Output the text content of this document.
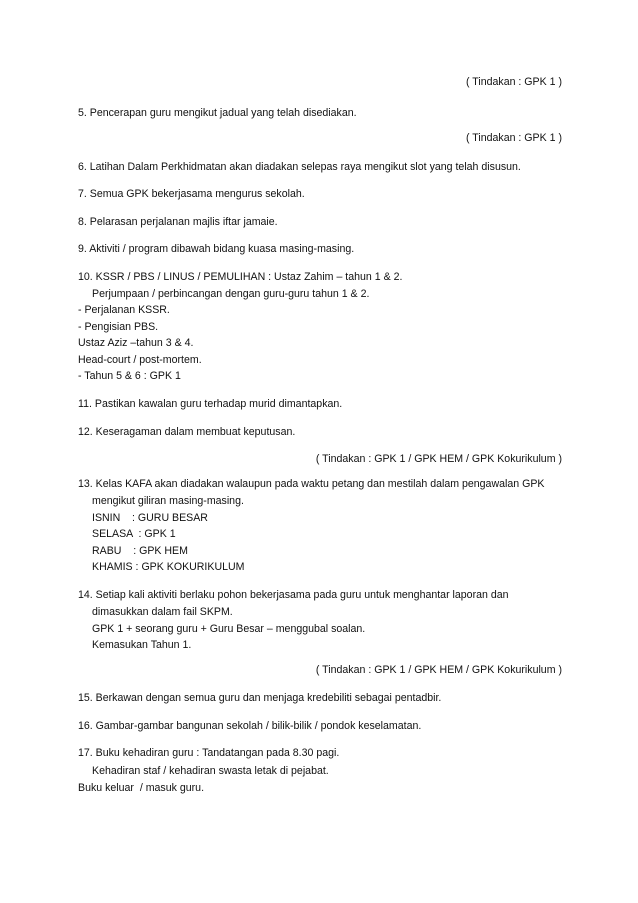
( Tindakan : GPK 1 )
5. Pencerapan guru mengikut jadual yang telah disediakan.
( Tindakan : GPK 1 )
6. Latihan Dalam Perkhidmatan akan diadakan selepas raya mengikut slot yang telah disusun.
7. Semua GPK bekerjasama mengurus sekolah.
8. Pelarasan perjalanan majlis iftar jamaie.
9. Aktiviti / program dibawah bidang kuasa masing-masing.
10. KSSR / PBS / LINUS / PEMULIHAN : Ustaz Zahim – tahun 1 & 2.
Perjumpaan / perbincangan dengan guru-guru tahun 1 & 2.
- Perjalanan KSSR.
- Pengisian PBS.
Ustaz Aziz –tahun 3 & 4.
Head-court / post-mortem.
- Tahun 5 & 6 : GPK 1
11. Pastikan kawalan guru terhadap murid dimantapkan.
12. Keseragaman dalam membuat keputusan.
( Tindakan : GPK 1 / GPK HEM / GPK Kokurikulum )
13. Kelas KAFA akan diadakan walaupun pada waktu petang dan mestilah dalam pengawalan GPK
mengikut giliran masing-masing.
ISNIN    : GURU BESAR
SELASA  : GPK 1
RABU    : GPK HEM
KHAMIS : GPK KOKURIKULUM
14. Setiap kali aktiviti berlaku pohon bekerjasama pada guru untuk menghantar laporan dan
dimasukkan dalam fail SKPM.
GPK 1 + seorang guru + Guru Besar – menggubal soalan.
Kemasukan Tahun 1.
( Tindakan : GPK 1 / GPK HEM / GPK Kokurikulum )
15. Berkawan dengan semua guru dan menjaga kredebiliti sebagai pentadbir.
16. Gambar-gambar bangunan sekolah / bilik-bilik / pondok keselamatan.
17. Buku kehadiran guru : Tandatangan pada 8.30 pagi.
Kehadiran staf / kehadiran swasta letak di pejabat.
Buku keluar  / masuk guru.
